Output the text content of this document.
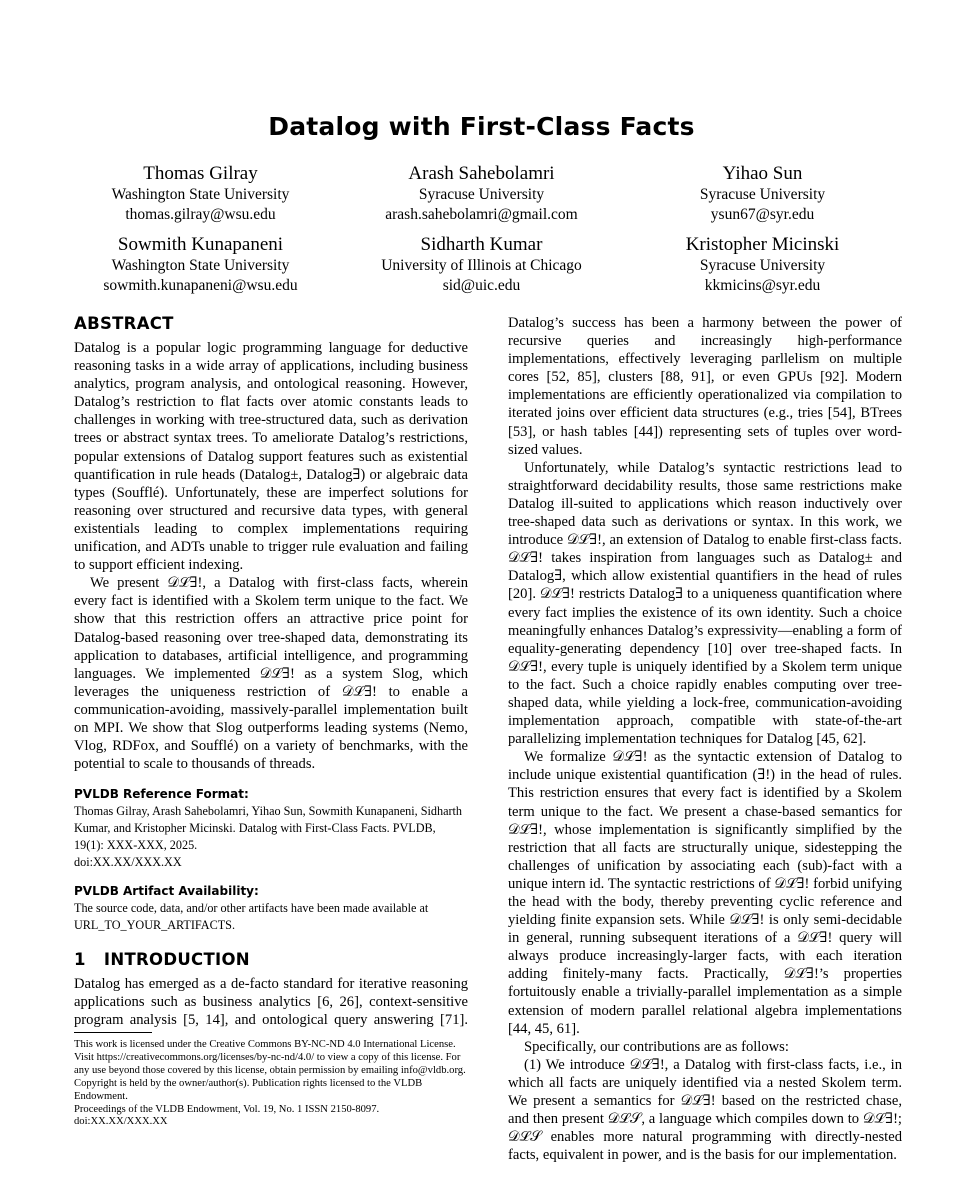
Datalog with First-Class Facts
Thomas Gilray
Washington State University
thomas.gilray@wsu.edu
Arash Sahebolamri
Syracuse University
arash.sahebolamri@gmail.com
Yihao Sun
Syracuse University
ysun67@syr.edu
Sowmith Kunapaneni
Washington State University
sowmith.kunapaneni@wsu.edu
Sidharth Kumar
University of Illinois at Chicago
sid@uic.edu
Kristopher Micinski
Syracuse University
kkmicins@syr.edu
ABSTRACT

Datalog is a popular logic programming language for deductive reasoning tasks in a wide array of applications, including business analytics, program analysis, and ontological reasoning. However, Datalog’s restriction to flat facts over atomic constants leads to challenges in working with tree-structured data, such as derivation trees or abstract syntax trees. To ameliorate Datalog’s restrictions, popular extensions of Datalog support features such as existential quantification in rule heads (Datalog±, Datalog∃) or algebraic data types (Soufflé). Unfortunately, these are imperfect solutions for reasoning over structured and recursive data types, with general existentials leading to complex implementations requiring unification, and ADTs unable to trigger rule evaluation and failing to support efficient indexing.

We present 𝒟ℒ∃!, a Datalog with first-class facts, wherein every fact is identified with a Skolem term unique to the fact. We show that this restriction offers an attractive price point for Datalog-based reasoning over tree-shaped data, demonstrating its application to databases, artificial intelligence, and programming languages. We implemented 𝒟ℒ∃! as a system Slog, which leverages the uniqueness restriction of 𝒟ℒ∃! to enable a communication-avoiding, massively-parallel implementation built on MPI. We show that Slog outperforms leading systems (Nemo, Vlog, RDFox, and Soufflé) on a variety of benchmarks, with the potential to scale to thousands of threads.

PVLDB Reference Format:

Thomas Gilray, Arash Sahebolamri, Yihao Sun, Sowmith Kunapaneni, Sidharth Kumar, and Kristopher Micinski. Datalog with First-Class Facts. PVLDB, 19(1): XXX-XXX, 2025.

doi:XX.XX/XXX.XX

PVLDB Artifact Availability:

The source code, data, and/or other artifacts have been made available at URL_TO_YOUR_ARTIFACTS.

1   INTRODUCTION

Datalog has emerged as a de-facto standard for iterative reasoning applications such as business analytics [6, 26], context-sensitive program analysis [5, 14], and ontological query answering [71].

Datalog’s success has been a harmony between the power of recursive queries and increasingly high-performance implementations, effectively leveraging parllelism on multiple cores [52, 85], clusters [88, 91], or even GPUs [92]. Modern implementations are efficiently operationalized via compilation to iterated joins over efficient data structures (e.g., tries [54], BTrees [53], or hash tables [44]) representing sets of tuples over word-sized values.

Unfortunately, while Datalog’s syntactic restrictions lead to straightforward decidability results, those same restrictions make Datalog ill-suited to applications which reason inductively over tree-shaped data such as derivations or syntax. In this work, we introduce 𝒟ℒ∃!, an extension of Datalog to enable first-class facts. 𝒟ℒ∃! takes inspiration from languages such as Datalog± and Datalog∃, which allow existential quantifiers in the head of rules [20]. 𝒟ℒ∃! restricts Datalog∃ to a uniqueness quantification where every fact implies the existence of its own identity. Such a choice meaningfully enhances Datalog’s expressivity—enabling a form of equality-generating dependency [10] over tree-shaped facts. In 𝒟ℒ∃!, every tuple is uniquely identified by a Skolem term unique to the fact. Such a choice rapidly enables computing over tree-shaped data, while yielding a lock-free, communication-avoiding implementation approach, compatible with state-of-the-art parallelizing implementation techniques for Datalog [45, 62].

We formalize 𝒟ℒ∃! as the syntactic extension of Datalog to include unique existential quantification (∃!) in the head of rules. This restriction ensures that every fact is identified by a Skolem term unique to the fact. We present a chase-based semantics for 𝒟ℒ∃!, whose implementation is significantly simplified by the restriction that all facts are structurally unique, sidestepping the challenges of unification by associating each (sub)-fact with a unique intern id. The syntactic restrictions of 𝒟ℒ∃! forbid unifying the head with the body, thereby preventing cyclic reference and yielding finite expansion sets. While 𝒟ℒ∃! is only semi-decidable in general, running subsequent iterations of a 𝒟ℒ∃! query will always produce increasingly-larger facts, with each iteration adding finitely-many facts. Practically, 𝒟ℒ∃!’s properties fortuitously enable a trivially-parallel implementation as a simple extension of modern parallel relational algebra implementations [44, 45, 61].

Specifically, our contributions are as follows:

(1) We introduce 𝒟ℒ∃!, a Datalog with first-class facts, i.e., in which all facts are uniquely identified via a nested Skolem term. We present a semantics for 𝒟ℒ∃! based on the restricted chase, and then present 𝒟ℒ𝒮, a language which compiles down to 𝒟ℒ∃!; 𝒟ℒ𝒮 enables more natural programming with directly-nested facts, equivalent in power, and is the basis for our implementation.

This work is licensed under the Creative Commons BY-NC-ND 4.0 International License. Visit https://creativecommons.org/licenses/by-nc-nd/4.0/ to view a copy of this license. For any use beyond those covered by this license, obtain permission by emailing info@vldb.org. Copyright is held by the owner/author(s). Publication rights licensed to the VLDB Endowment.

Proceedings of the VLDB Endowment, Vol. 19, No. 1 ISSN 2150-8097.

doi:XX.XX/XXX.XX
